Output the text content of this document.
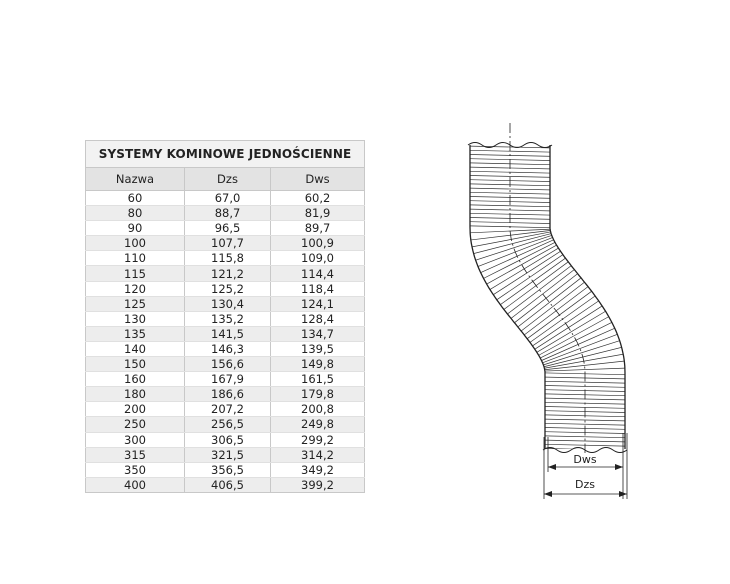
SYSTEMY KOMINOWE JEDNOŚCIENNE		
Nazwa	Dzs	Dws
60	67,0	60,2
80	88,7	81,9
90	96,5	89,7
100	107,7	100,9
110	115,8	109,0
115	121,2	114,4
120	125,2	118,4
125	130,4	124,1
130	135,2	128,4
135	141,5	134,7
140	146,3	139,5
150	156,6	149,8
160	167,9	161,5
180	186,6	179,8
200	207,2	200,8
250	256,5	249,8
300	306,5	299,2
315	321,5	314,2
350	356,5	349,2
400	406,5	399,2
Dws
Dzs
